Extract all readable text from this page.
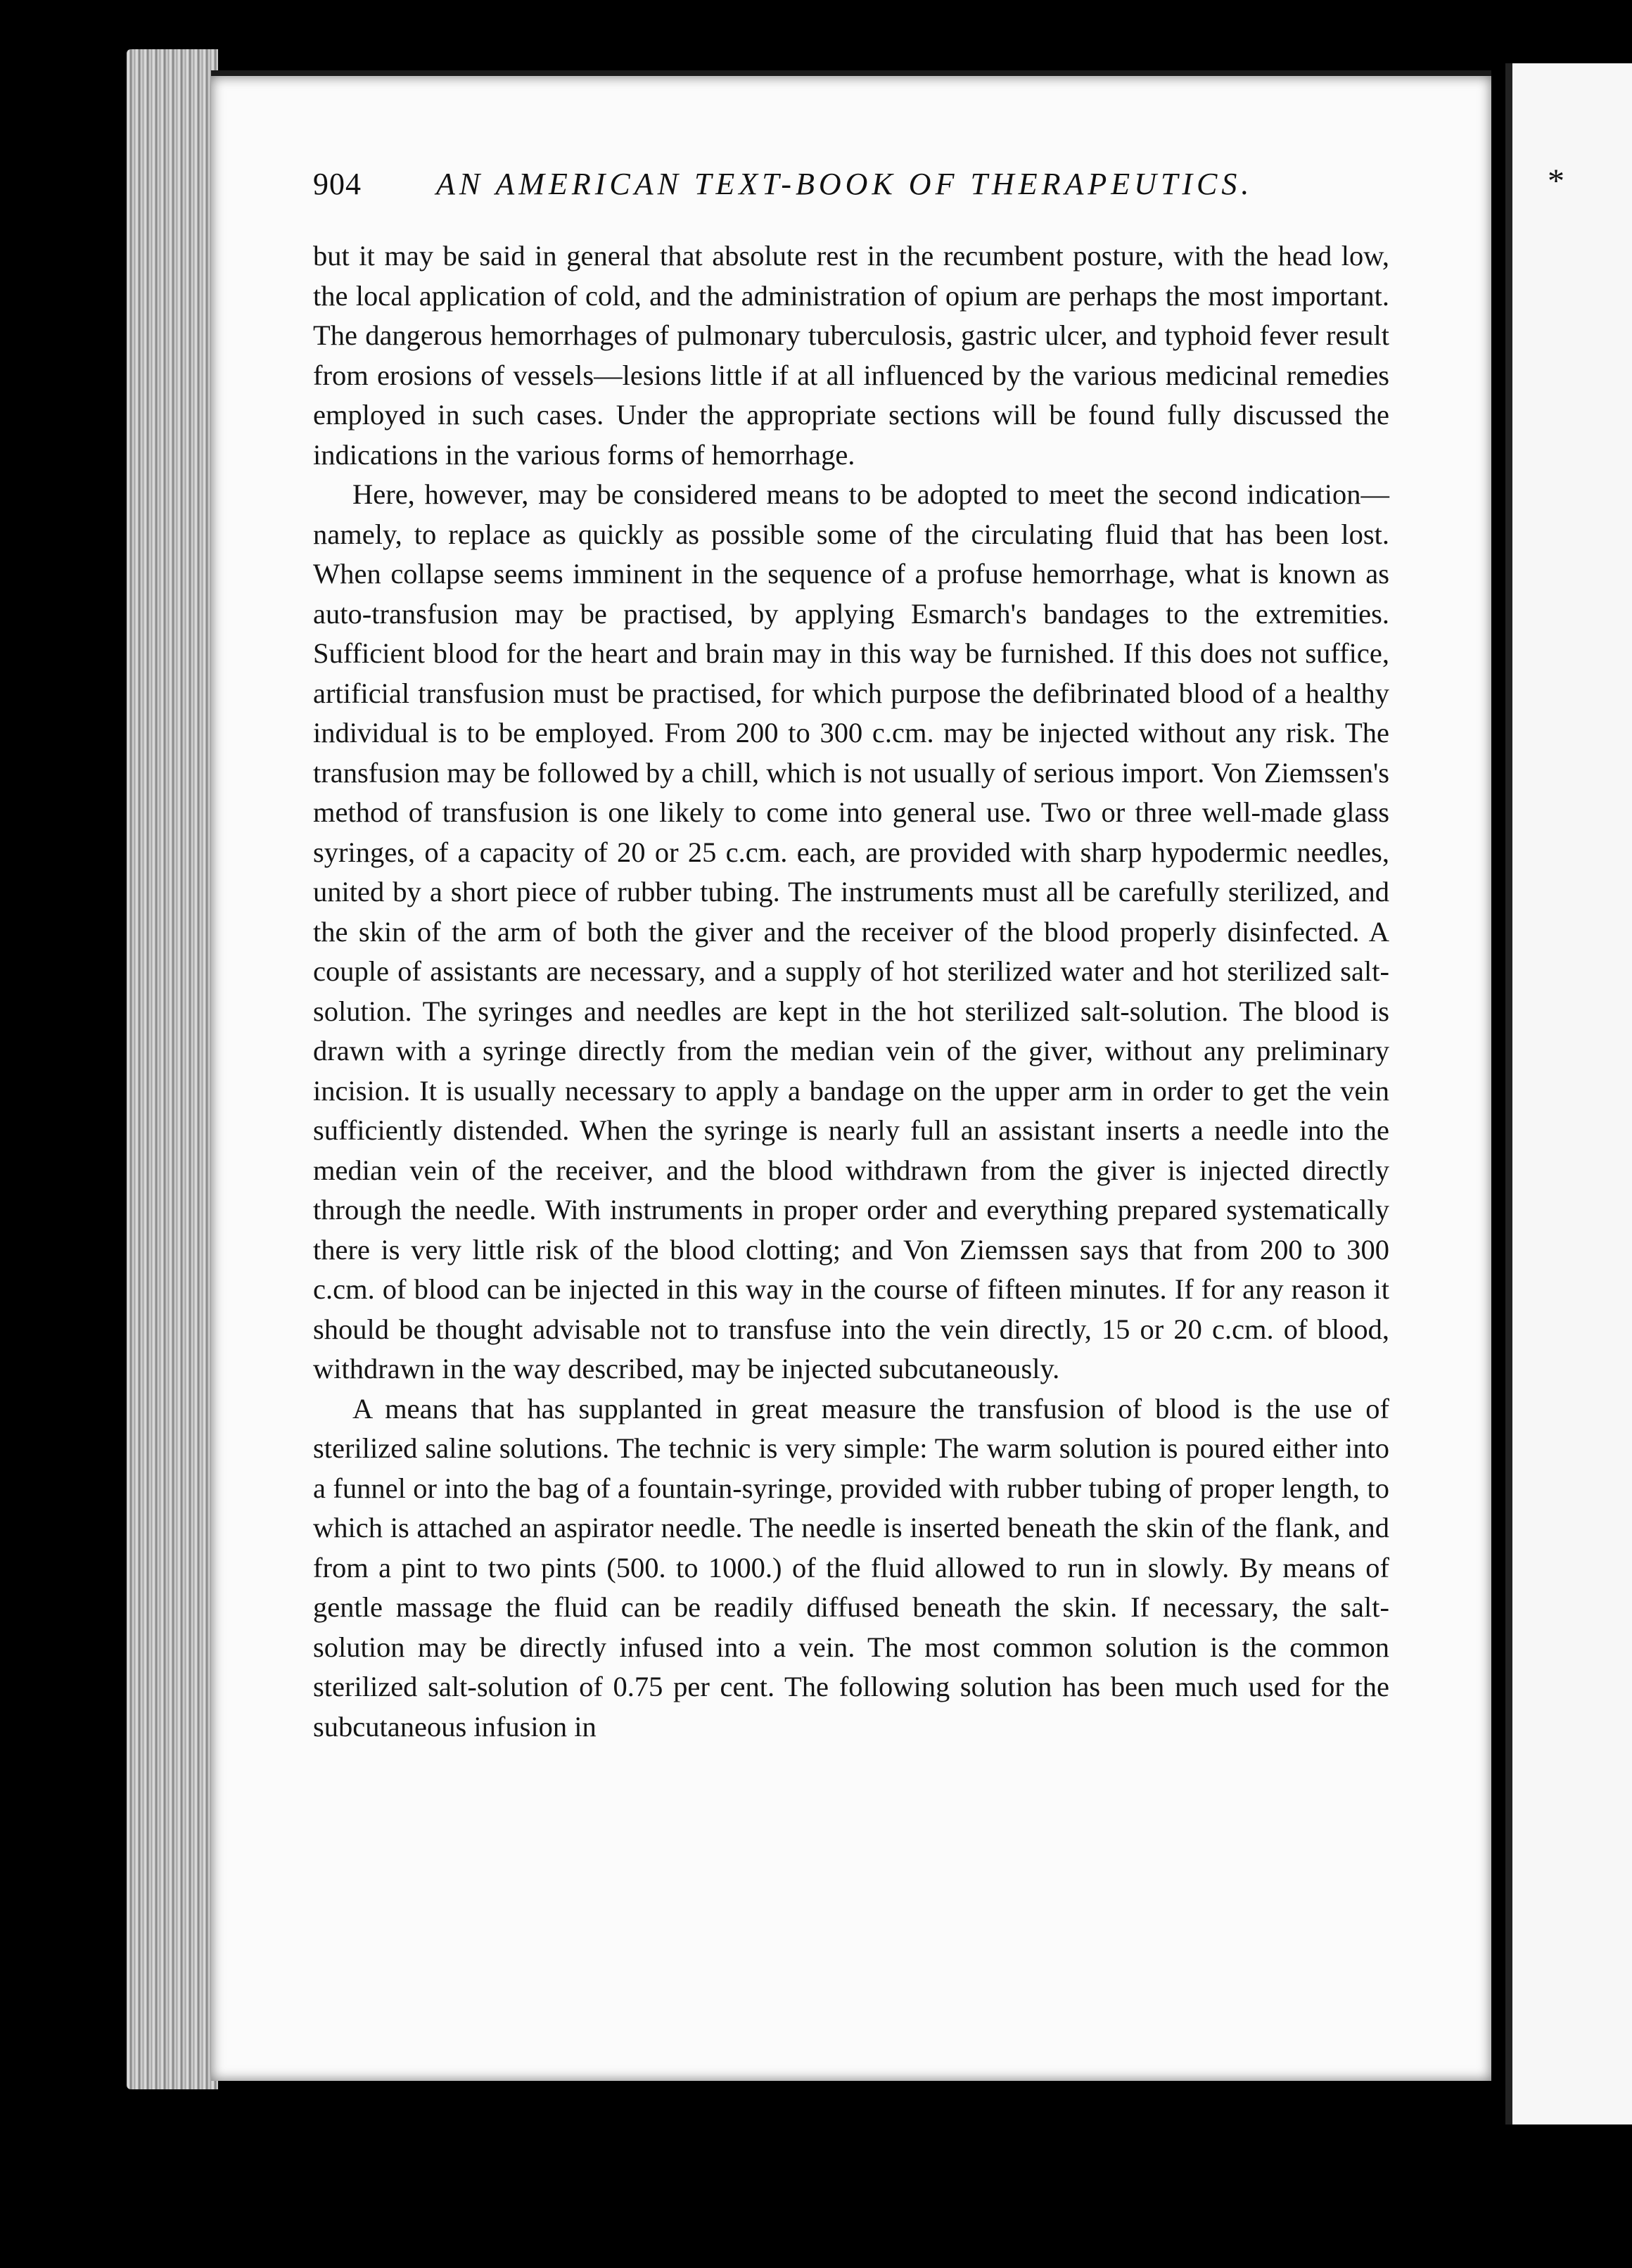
904 AN AMERICAN TEXT-BOOK OF THERAPEUTICS.

but it may be said in general that absolute rest in the recumbent posture, with the head low, the local application of cold, and the administration of opium are perhaps the most important. The dangerous hemorrhages of pulmonary tuberculosis, gastric ulcer, and typhoid fever result from erosions of vessels—lesions little if at all influenced by the various medicinal remedies employed in such cases. Under the appropriate sections will be found fully discussed the indications in the various forms of hemorrhage.

Here, however, may be considered means to be adopted to meet the second indication—namely, to replace as quickly as possible some of the circulating fluid that has been lost. When collapse seems imminent in the sequence of a profuse hemorrhage, what is known as auto-transfusion may be practised, by applying Esmarch's bandages to the extremities. Sufficient blood for the heart and brain may in this way be furnished. If this does not suffice, artificial transfusion must be practised, for which purpose the defibrinated blood of a healthy individual is to be employed. From 200 to 300 c.cm. may be injected without any risk. The transfusion may be followed by a chill, which is not usually of serious import. Von Ziemssen's method of transfusion is one likely to come into general use. Two or three well-made glass syringes, of a capacity of 20 or 25 c.cm. each, are provided with sharp hypodermic needles, united by a short piece of rubber tubing. The instruments must all be carefully sterilized, and the skin of the arm of both the giver and the receiver of the blood properly disinfected. A couple of assistants are necessary, and a supply of hot sterilized water and hot sterilized salt-solution. The syringes and needles are kept in the hot sterilized salt-solution. The blood is drawn with a syringe directly from the median vein of the giver, without any preliminary incision. It is usually necessary to apply a bandage on the upper arm in order to get the vein sufficiently distended. When the syringe is nearly full an assistant inserts a needle into the median vein of the receiver, and the blood withdrawn from the giver is injected directly through the needle. With instruments in proper order and everything prepared systematically there is very little risk of the blood clotting; and Von Ziemssen says that from 200 to 300 c.cm. of blood can be injected in this way in the course of fifteen minutes. If for any reason it should be thought advisable not to transfuse into the vein directly, 15 or 20 c.cm. of blood, withdrawn in the way described, may be injected subcutaneously.

A means that has supplanted in great measure the transfusion of blood is the use of sterilized saline solutions. The technic is very simple: The warm solution is poured either into a funnel or into the bag of a fountain-syringe, provided with rubber tubing of proper length, to which is attached an aspirator needle. The needle is inserted beneath the skin of the flank, and from a pint to two pints (500. to 1000.) of the fluid allowed to run in slowly. By means of gentle massage the fluid can be readily diffused beneath the skin. If necessary, the salt-solution may be directly infused into a vein. The most common solution is the common sterilized salt-solution of 0.75 per cent. The following solution has been much used for the subcutaneous infusion in

*
